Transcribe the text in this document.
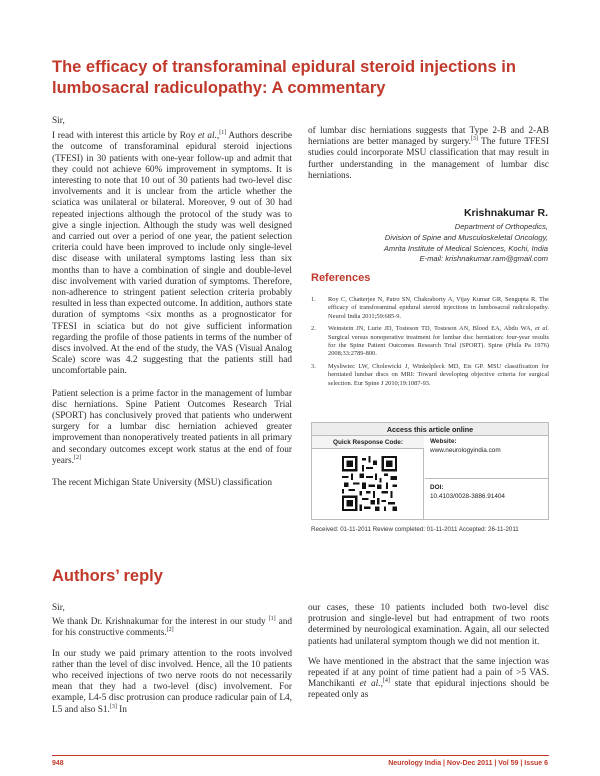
The efficacy of transforaminal epidural steroid injections in
lumbosacral radiculopathy: A commentary

Sir,

I read with interest this article by Roy et al.,[1] Authors describe the outcome of transforaminal epidural steroid injections (TFESI) in 30 patients with one-year follow-up and admit that they could not achieve 60% improvement in symptoms. It is interesting to note that 10 out of 30 patients had two-level disc involvements and it is unclear from the article whether the sciatica was unilateral or bilateral. Moreover, 9 out of 30 had repeated injections although the protocol of the study was to give a single injection. Although the study was well designed and carried out over a period of one year, the patient selection criteria could have been improved to include only single-level disc disease with unilateral symptoms lasting less than six months than to have a combination of single and double-level disc involvement with varied duration of symptoms. Therefore, non-adherence to stringent patient selection criteria probably resulted in less than expected outcome. In addition, authors state duration of symptoms <six months as a prognosticator for TFESI in sciatica but do not give sufficient information regarding the profile of those patients in terms of the number of discs involved. At the end of the study, the VAS (Visual Analog Scale) score was 4.2 suggesting that the patients still had uncomfortable pain.

Patient selection is a prime factor in the management of lumbar disc herniations. Spine Patient Outcomes Research Trial (SPORT) has conclusively proved that patients who underwent surgery for a lumbar disc herniation achieved greater improvement than nonoperatively treated patients in all primary and secondary outcomes except work status at the end of four years.[2]

The recent Michigan State University (MSU) classification

of lumbar disc herniations suggests that Type 2-B and 2-AB herniations are better managed by surgery.[3] The future TFESI studies could incorporate MSU classification that may result in further understanding in the management of lumbar disc herniations.

Krishnakumar R.
Department of Orthopedics,
Division of Spine and Musculoskeletal Oncology,
Amrita Institute of Medical Sciences, Kochi, India
E-mail: krishnakumar.ram@gmail.com
References
1.	Roy C, Chatterjee N, Patro SN, Chakraborty A, Vijay Kumar GR, Sengupta R. The efficacy of transforaminal epidural steroid injections in lumbosacral radiculopathy. Neurol India 2011;59:685-9.
2.	Weinstein JN, Lurie JD, Tosteson TD, Tosteson AN, Blood EA, Abdu WA, et al. Surgical versus nonoperative treatment for lumbar disc herniation: four-year results for the Spine Patient Outcomes Research Trial (SPORT). Spine (Phila Pa 1976) 2008;33:2789-800.
3.	Mysliwiec LW, Cholewicki J, Winkelpleck MD, Eis GP. MSU classification for herniated lumbar discs on MRI: Toward developing objective criteria for surgical selection. Eur Spine J 2010;19:1087-93.
Access this article online
Quick Response Code:	Website:
www.neurologyindia.com
DOI:
10.4103/0028-3886.91404
Received: 01-11-2011 Review completed: 01-11-2011 Accepted: 26-11-2011
Authors’ reply

Sir,

We thank Dr. Krishnakumar for the interest in our study [1] and for his constructive comments.[2]

In our study we paid primary attention to the roots involved rather than the level of disc involved. Hence, all the 10 patients who received injections of two nerve roots do not necessarily mean that they had a two-level (disc) involvement. For example, L4-5 disc protrusion can produce radicular pain of L4, L5 and also S1.[3] In

our cases, these 10 patients included both two-level disc protrusion and single-level but had entrapment of two roots determined by neurological examination. Again, all our selected patients had unilateral symptom though we did not mention it.

We have mentioned in the abstract that the same injection was repeated if at any point of time patient had a pain of >5 VAS. Manchikanti et al.,[4] state that epidural injections should be repeated only as

948	Neurology India | Nov-Dec 2011 | Vol 59 | Issue 6
